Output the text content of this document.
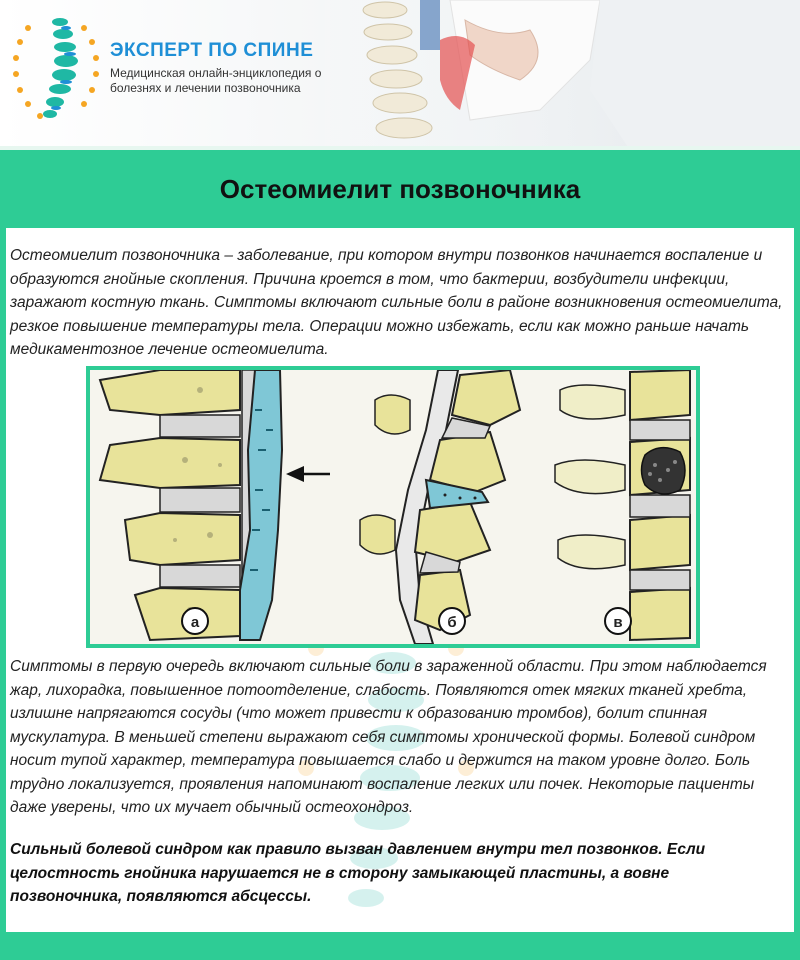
ЭКСПЕРТ ПО СПИНЕ
Медицинская онлайн-энциклопедия о болезнях и лечении позвоночника
Остеомиелит позвоночника

Остеомиелит позвоночника – заболевание, при котором внутри позвонков начинается воспаление и образуются гнойные скопления. Причина кроется в том, что бактерии, возбудители инфекции, заражают костную ткань. Симптомы включают сильные боли в районе возникновения остеомиелита, резкое повышение температуры тела. Операции можно избежать, если как можно раньше начать медикаментозное лечение остеомиелита.

а	б	в

Симптомы в первую очередь включают сильные боли в зараженной области. При этом наблюдается жар, лихорадка, повышенное потоотделение, слабость. Появляются отек мягких тканей хребта, излишне напрягаются сосуды (что может привести к образованию тромбов), болит спинная мускулатура. В меньшей степени выражают себя симптомы хронической формы. Болевой синдром носит тупой характер, температура повышается слабо и держится на таком уровне долго. Боль трудно локализуется, проявления напоминают воспаление легких или почек. Некоторые пациенты даже уверены, что их мучает обычный остеохондроз.

Сильный болевой синдром как правило вызван давлением внутри тел позвонков. Если целостность гнойника нарушается не в сторону замыкающей пластины, а вовне позвоночника, появляются абсцессы.
